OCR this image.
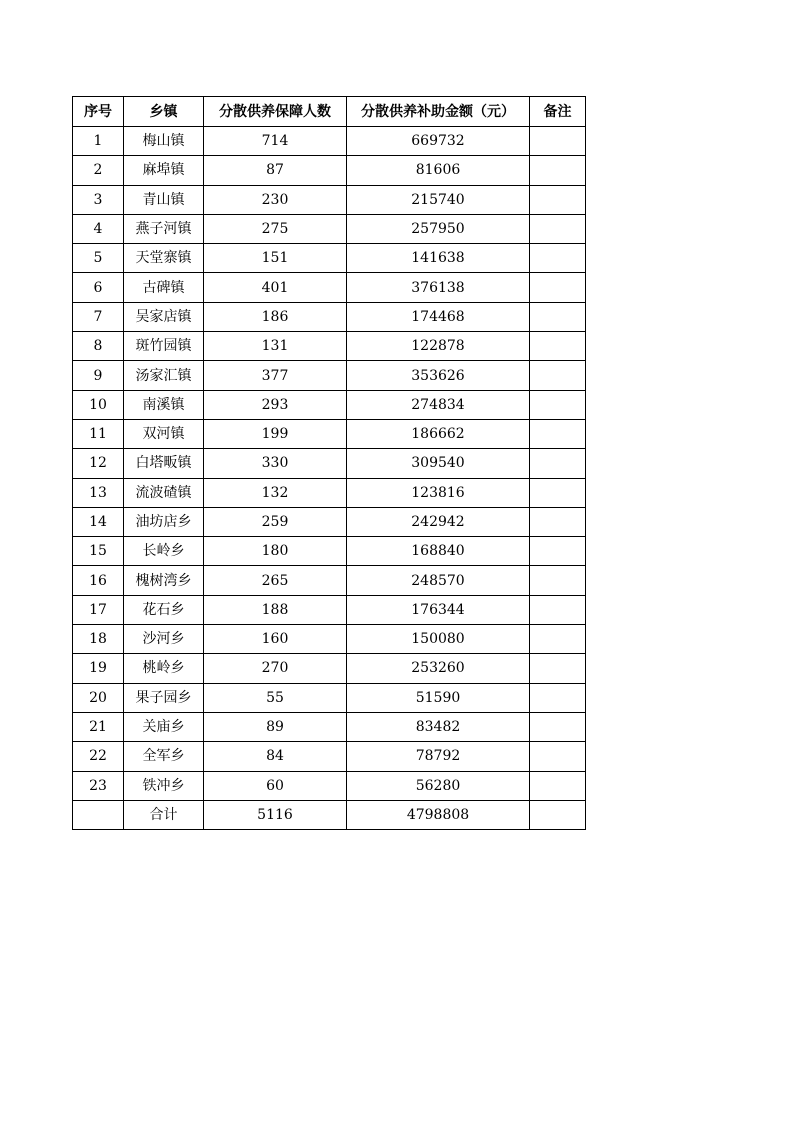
序号	乡镇	分散供养保障人数	分散供养补助金额（元）	备注
1	梅山镇	714	669732	
2	麻埠镇	87	81606	
3	青山镇	230	215740	
4	燕子河镇	275	257950	
5	天堂寨镇	151	141638	
6	古碑镇	401	376138	
7	吴家店镇	186	174468	
8	斑竹园镇	131	122878	
9	汤家汇镇	377	353626	
10	南溪镇	293	274834	
11	双河镇	199	186662	
12	白塔畈镇	330	309540	
13	流波碴镇	132	123816	
14	油坊店乡	259	242942	
15	长岭乡	180	168840	
16	槐树湾乡	265	248570	
17	花石乡	188	176344	
18	沙河乡	160	150080	
19	桃岭乡	270	253260	
20	果子园乡	55	51590	
21	关庙乡	89	83482	
22	全军乡	84	78792	
23	铁冲乡	60	56280	
	合计	5116	4798808	
